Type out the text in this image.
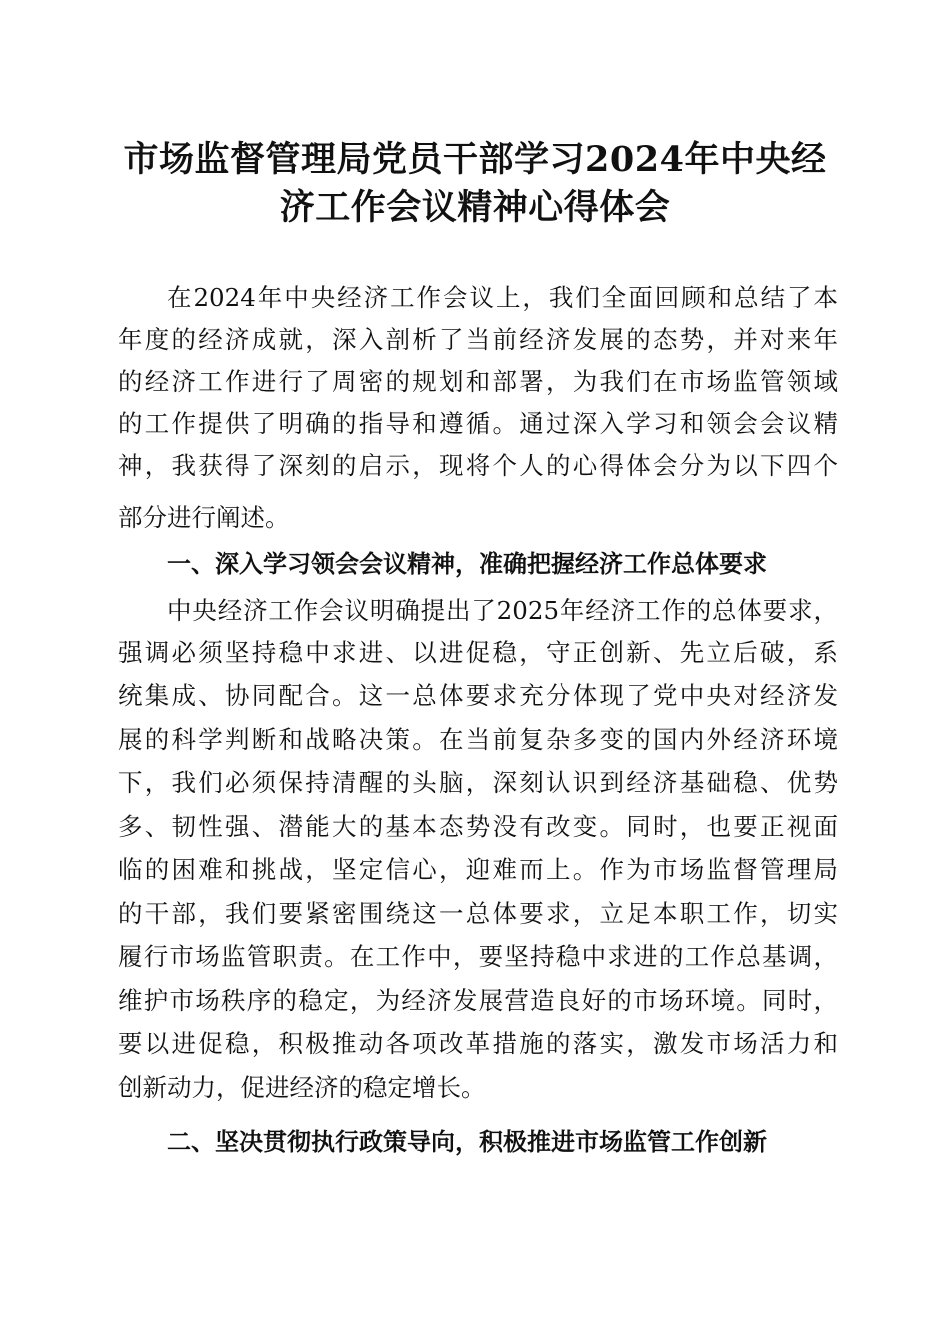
市场监督管理局党员干部学习2024年中央经
济工作会议精神心得体会

在2024年中央经济工作会议上，我们全面回顾和总结了本

年度的经济成就，深入剖析了当前经济发展的态势，并对来年

的经济工作进行了周密的规划和部署，为我们在市场监管领域

的工作提供了明确的指导和遵循。通过深入学习和领会会议精

神，我获得了深刻的启示，现将个人的心得体会分为以下四个

部分进行阐述。

一、深入学习领会会议精神，准确把握经济工作总体要求

中央经济工作会议明确提出了2025年经济工作的总体要求，

强调必须坚持稳中求进、以进促稳，守正创新、先立后破，系

统集成、协同配合。这一总体要求充分体现了党中央对经济发

展的科学判断和战略决策。在当前复杂多变的国内外经济环境

下，我们必须保持清醒的头脑，深刻认识到经济基础稳、优势

多、韧性强、潜能大的基本态势没有改变。同时，也要正视面

临的困难和挑战，坚定信心，迎难而上。作为市场监督管理局

的干部，我们要紧密围绕这一总体要求，立足本职工作，切实

履行市场监管职责。在工作中，要坚持稳中求进的工作总基调，

维护市场秩序的稳定，为经济发展营造良好的市场环境。同时，

要以进促稳，积极推动各项改革措施的落实，激发市场活力和

创新动力，促进经济的稳定增长。

二、坚决贯彻执行政策导向，积极推进市场监管工作创新
